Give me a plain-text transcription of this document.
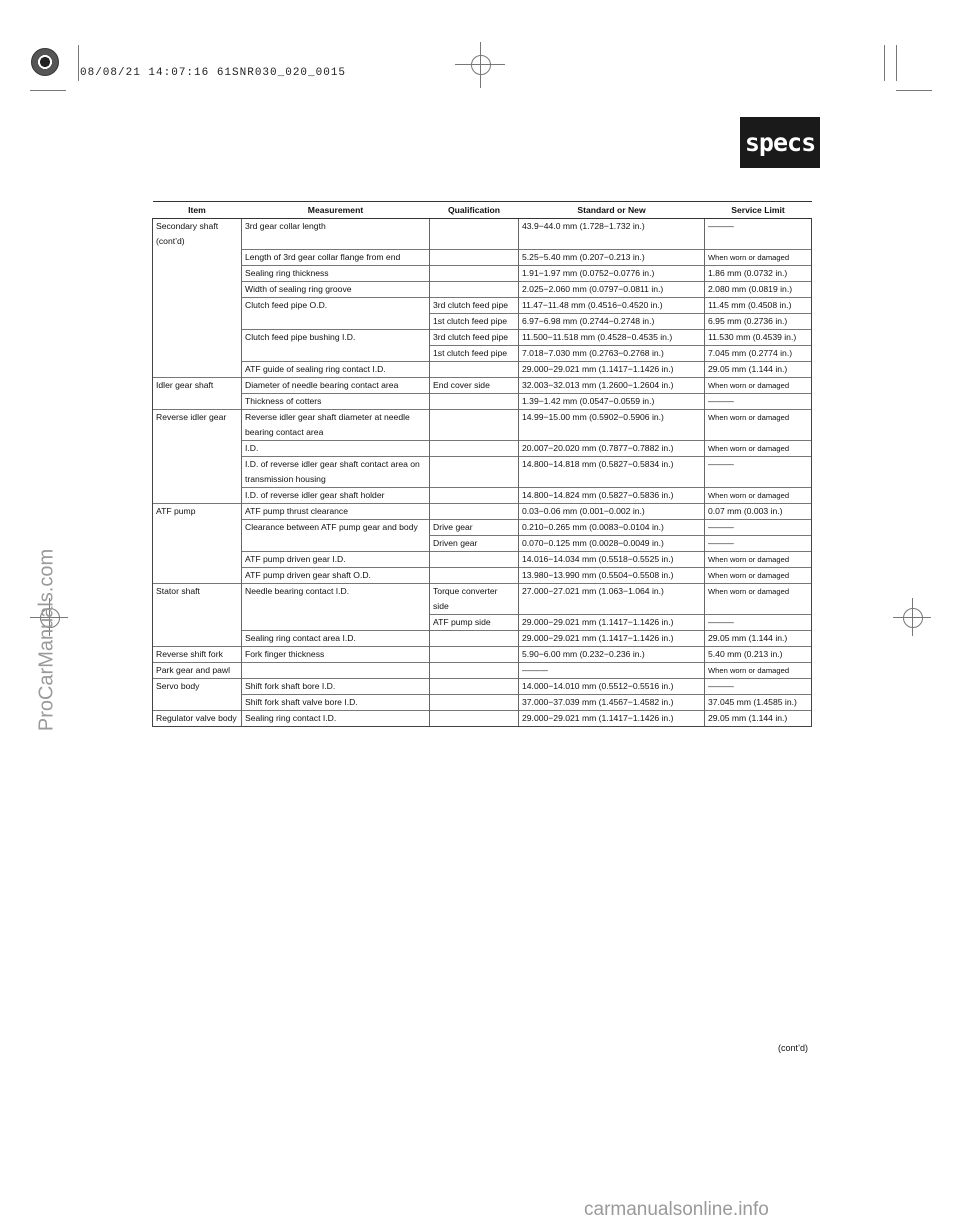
08/08/21 14:07:16 61SNR030_020_0015
specs
ProCarManuals.com
carmanualsonline.info
Item	Measurement	Qualification	Standard or New	Service Limit
Secondary shaft (cont’d)	3rd gear collar length		43.9−44.0 mm (1.728−1.732 in.)	———
	Length of 3rd gear collar flange from end		5.25−5.40 mm (0.207−0.213 in.)	When worn or damaged
	Sealing ring thickness		1.91−1.97 mm (0.0752−0.0776 in.)	1.86 mm (0.0732 in.)
	Width of sealing ring groove		2.025−2.060 mm (0.0797−0.0811 in.)	2.080 mm (0.0819 in.)
	Clutch feed pipe O.D.	3rd clutch feed pipe	11.47−11.48 mm (0.4516−0.4520 in.)	11.45 mm (0.4508 in.)
		1st clutch feed pipe	6.97−6.98 mm (0.2744−0.2748 in.)	6.95 mm (0.2736 in.)
	Clutch feed pipe bushing I.D.	3rd clutch feed pipe	11.500−11.518 mm (0.4528−0.4535 in.)	11.530 mm (0.4539 in.)
		1st clutch feed pipe	7.018−7.030 mm (0.2763−0.2768 in.)	7.045 mm (0.2774 in.)
	ATF guide of sealing ring contact I.D.		29.000−29.021 mm (1.1417−1.1426 in.)	29.05 mm (1.144 in.)
Idler gear shaft	Diameter of needle bearing contact area	End cover side	32.003−32.013 mm (1.2600−1.2604 in.)	When worn or damaged
	Thickness of cotters		1.39−1.42 mm (0.0547−0.0559 in.)	———
Reverse idler gear	Reverse idler gear shaft diameter at needle bearing contact area		14.99−15.00 mm (0.5902−0.5906 in.)	When worn or damaged
	I.D.		20.007−20.020 mm (0.7877−0.7882 in.)	When worn or damaged
	I.D. of reverse idler gear shaft contact area on transmission housing		14.800−14.818 mm (0.5827−0.5834 in.)	———
	I.D. of reverse idler gear shaft holder		14.800−14.824 mm (0.5827−0.5836 in.)	When worn or damaged
ATF pump	ATF pump thrust clearance		0.03−0.06 mm (0.001−0.002 in.)	0.07 mm (0.003 in.)
	Clearance between ATF pump gear and body	Drive gear	0.210−0.265 mm (0.0083−0.0104 in.)	———
		Driven gear	0.070−0.125 mm (0.0028−0.0049 in.)	———
	ATF pump driven gear I.D.		14.016−14.034 mm (0.5518−0.5525 in.)	When worn or damaged
	ATF pump driven gear shaft O.D.		13.980−13.990 mm (0.5504−0.5508 in.)	When worn or damaged
Stator shaft	Needle bearing contact I.D.	Torque converter side	27.000−27.021 mm (1.063−1.064 in.)	When worn or damaged
		ATF pump side	29.000−29.021 mm (1.1417−1.1426 in.)	———
	Sealing ring contact area I.D.		29.000−29.021 mm (1.1417−1.1426 in.)	29.05 mm (1.144 in.)
Reverse shift fork	Fork finger thickness		5.90−6.00 mm (0.232−0.236 in.)	5.40 mm (0.213 in.)
Park gear and pawl			———	When worn or damaged
Servo body	Shift fork shaft bore I.D.		14.000−14.010 mm (0.5512−0.5516 in.)	———
	Shift fork shaft valve bore I.D.		37.000−37.039 mm (1.4567−1.4582 in.)	37.045 mm (1.4585 in.)
Regulator valve body	Sealing ring contact I.D.		29.000−29.021 mm (1.1417−1.1426 in.)	29.05 mm (1.144 in.)
(cont’d)
